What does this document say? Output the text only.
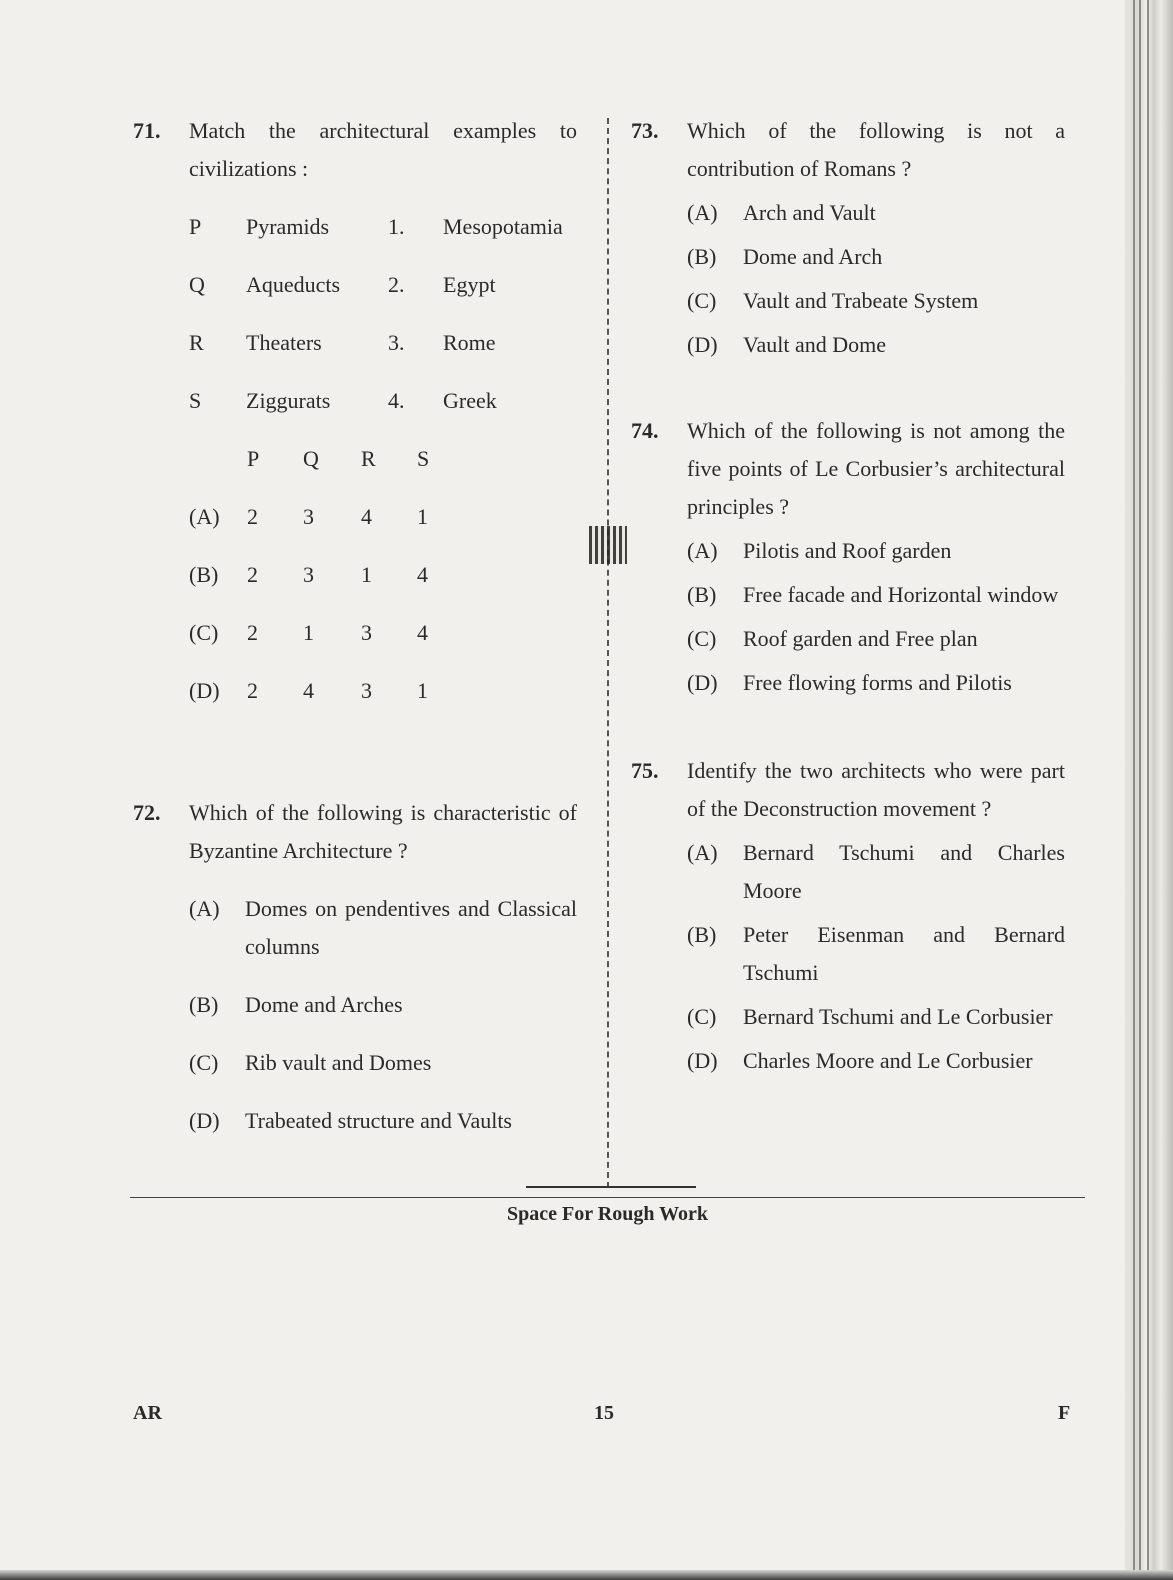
71. Match the architectural examples to civilizations :
P Pyramids	1. Mesopotamia
Q Aqueducts 2. Egypt
R Theaters	3. Rome
S Ziggurats	4. Greek
P Q R S
(A) 2 3 4 1
(B) 2 3 1 4
(C) 2 1 3 4
(D) 2 4 3 1
72. Which of the following is characteristic of Byzantine Architecture ?
(A) Domes on pendentives and Classical columns
(B) Dome and Arches
(C) Rib vault and Domes
(D) Trabeated structure and Vaults
73. Which of the following is not a contribution of Romans ?
(A) Arch and Vault
(B) Dome and Arch
(C) Vault and Trabeate System
(D) Vault and Dome
74. Which of the following is not among the five points of Le Corbusier’s architectural principles ?
(A) Pilotis and Roof garden
(B) Free facade and Horizontal window
(C) Roof garden and Free plan
(D) Free flowing forms and Pilotis
75. Identify the two architects who were part of the Deconstruction movement ?
(A) Bernard Tschumi and Charles Moore
(B) Peter Eisenman and Bernard Tschumi
(C) Bernard Tschumi and Le Corbusier
(D) Charles Moore and Le Corbusier
Space For Rough Work
AR	15	F
